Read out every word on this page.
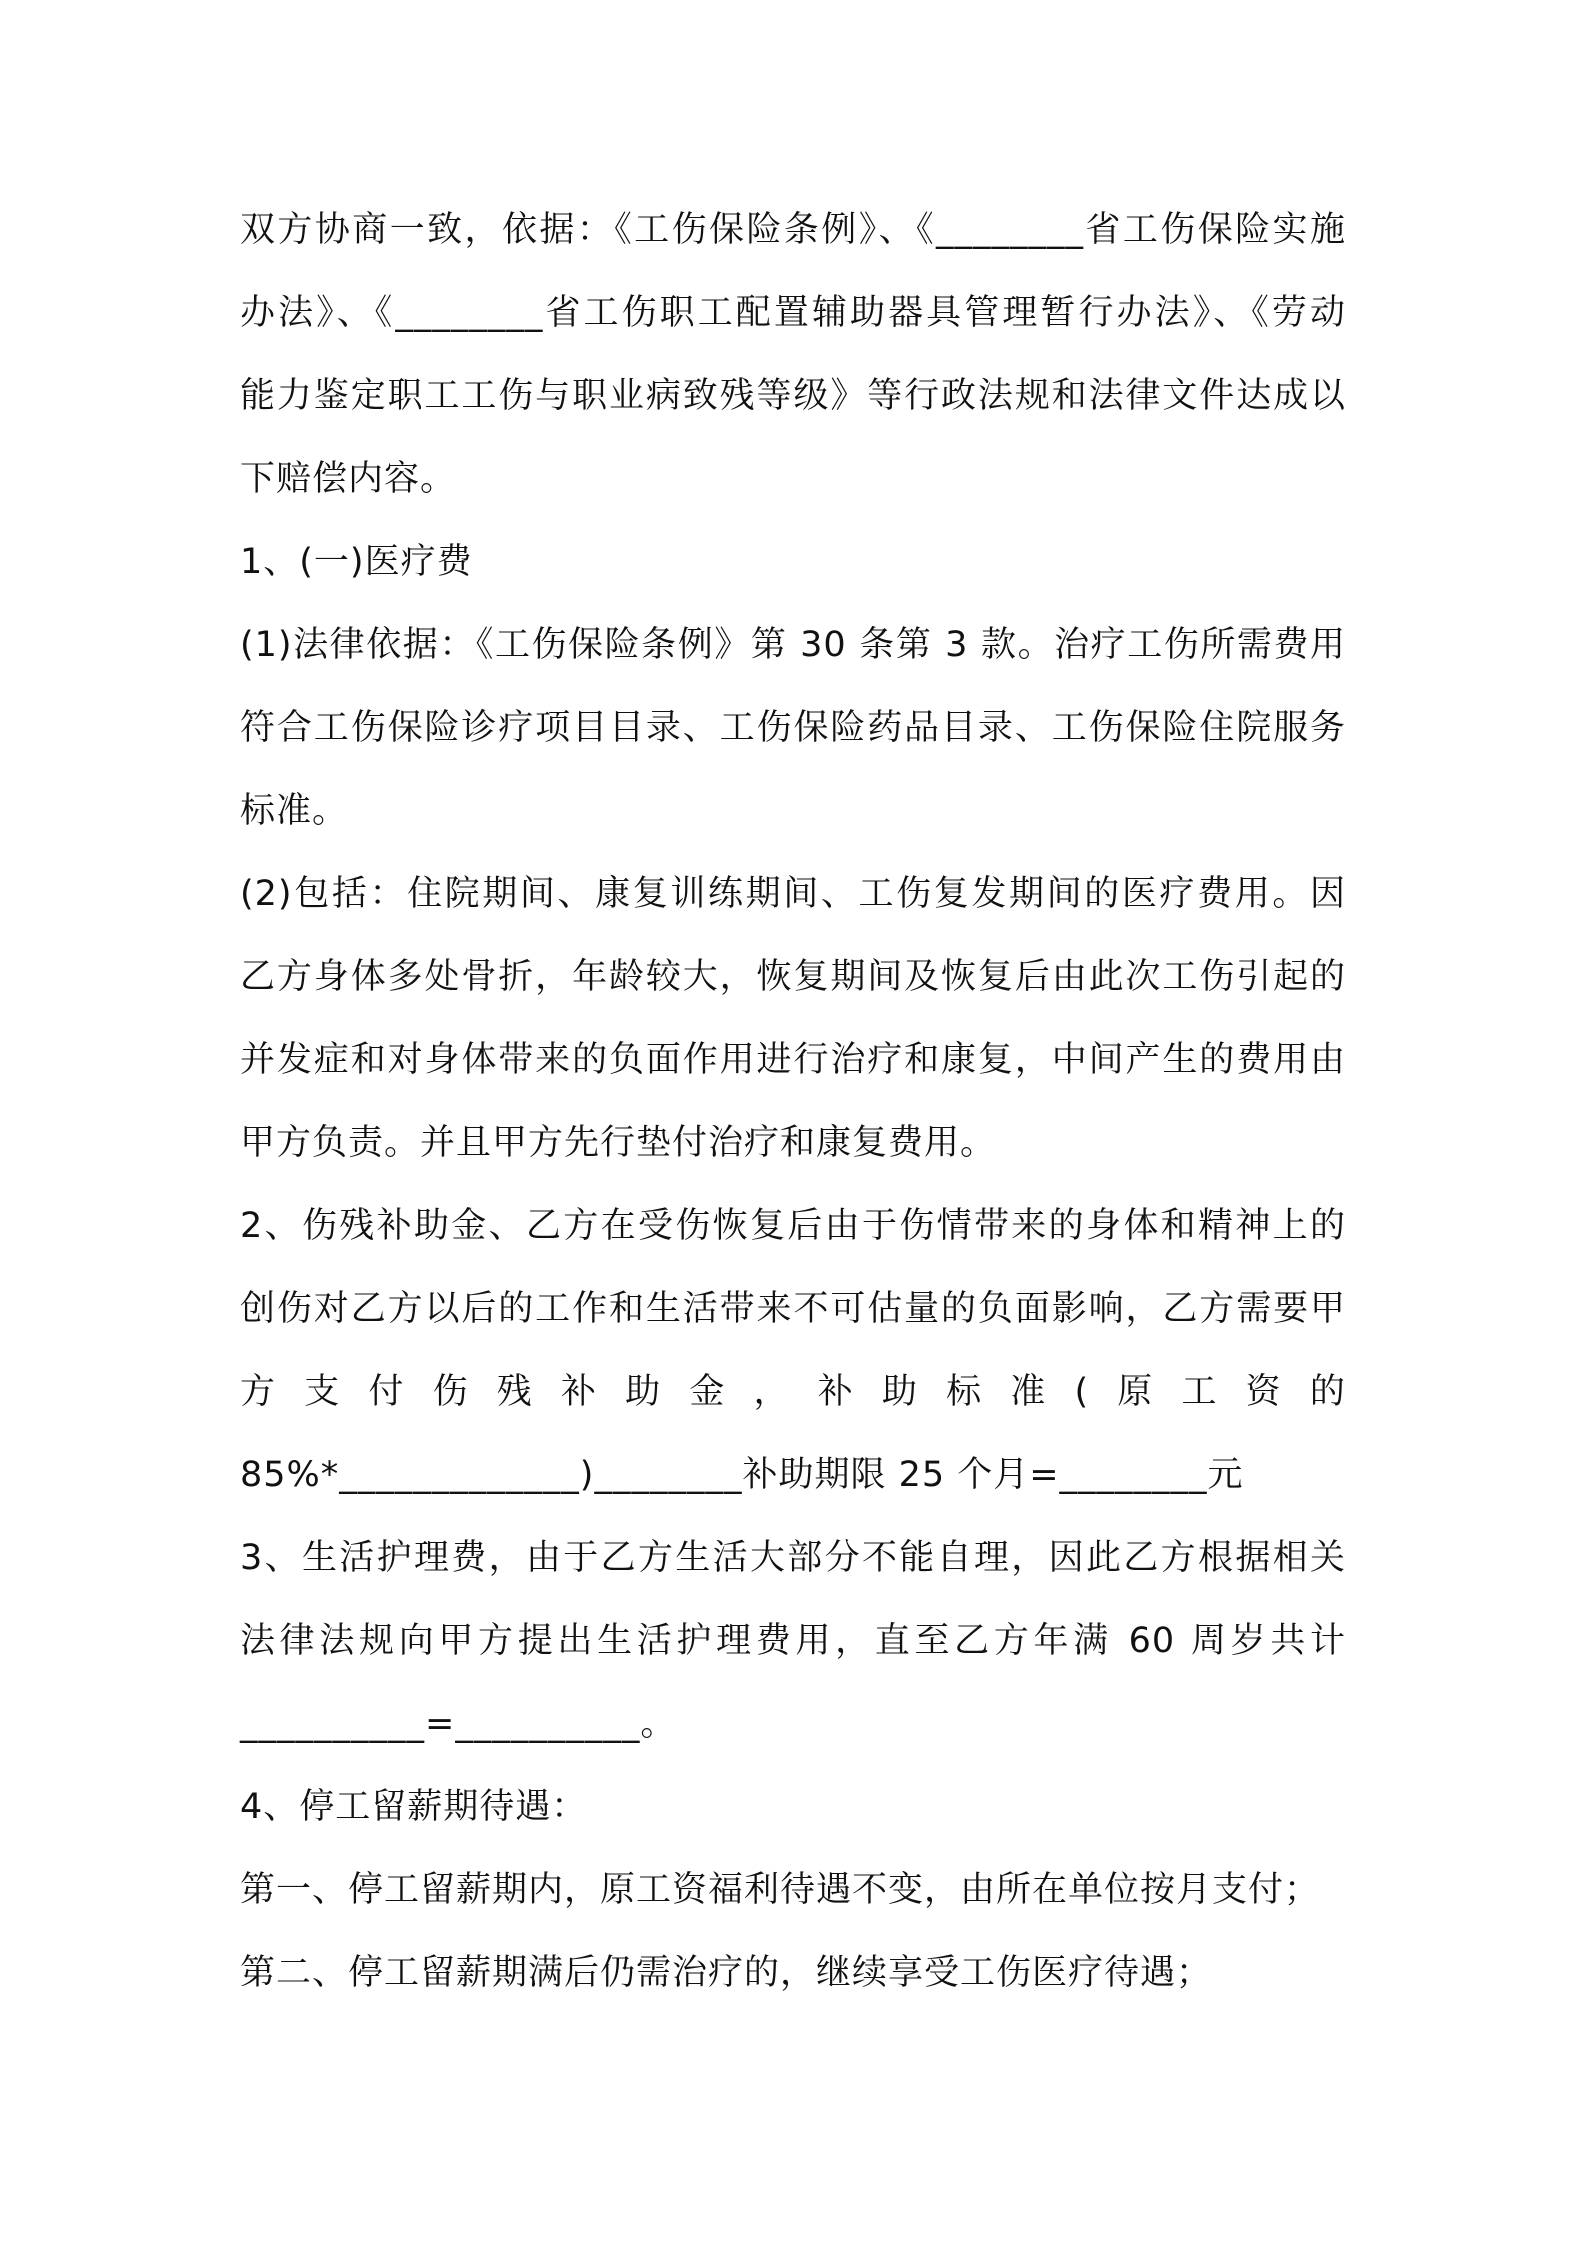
双方协商一致，依据：《工伤保险条例》、《________省工伤保险实施
办法》、《________省工伤职工配置辅助器具管理暂行办法》、《劳动
能力鉴定职工工伤与职业病致残等级》等行政法规和法律文件达成以
下赔偿内容。
1、(一)医疗费
(1)法律依据：《工伤保险条例》第 30 条第 3 款。治疗工伤所需费用
符合工伤保险诊疗项目目录、工伤保险药品目录、工伤保险住院服务
标准。
(2)包括：住院期间、康复训练期间、工伤复发期间的医疗费用。因
乙方身体多处骨折，年龄较大，恢复期间及恢复后由此次工伤引起的
并发症和对身体带来的负面作用进行治疗和康复，中间产生的费用由
甲方负责。并且甲方先行垫付治疗和康复费用。
2、伤残补助金、乙方在受伤恢复后由于伤情带来的身体和精神上的
创伤对乙方以后的工作和生活带来不可估量的负面影响，乙方需要甲
方 支 付 伤 残 补 助 金 ， 补 助 标 准 ( 原 工 资 的
85%*_____________)________补助期限 25 个月=________元
3、生活护理费，由于乙方生活大部分不能自理，因此乙方根据相关
法律法规向甲方提出生活护理费用，直至乙方年满 60 周岁共计
__________=__________。
4、停工留薪期待遇：
第一、停工留薪期内，原工资福利待遇不变，由所在单位按月支付；
第二、停工留薪期满后仍需治疗的，继续享受工伤医疗待遇；
